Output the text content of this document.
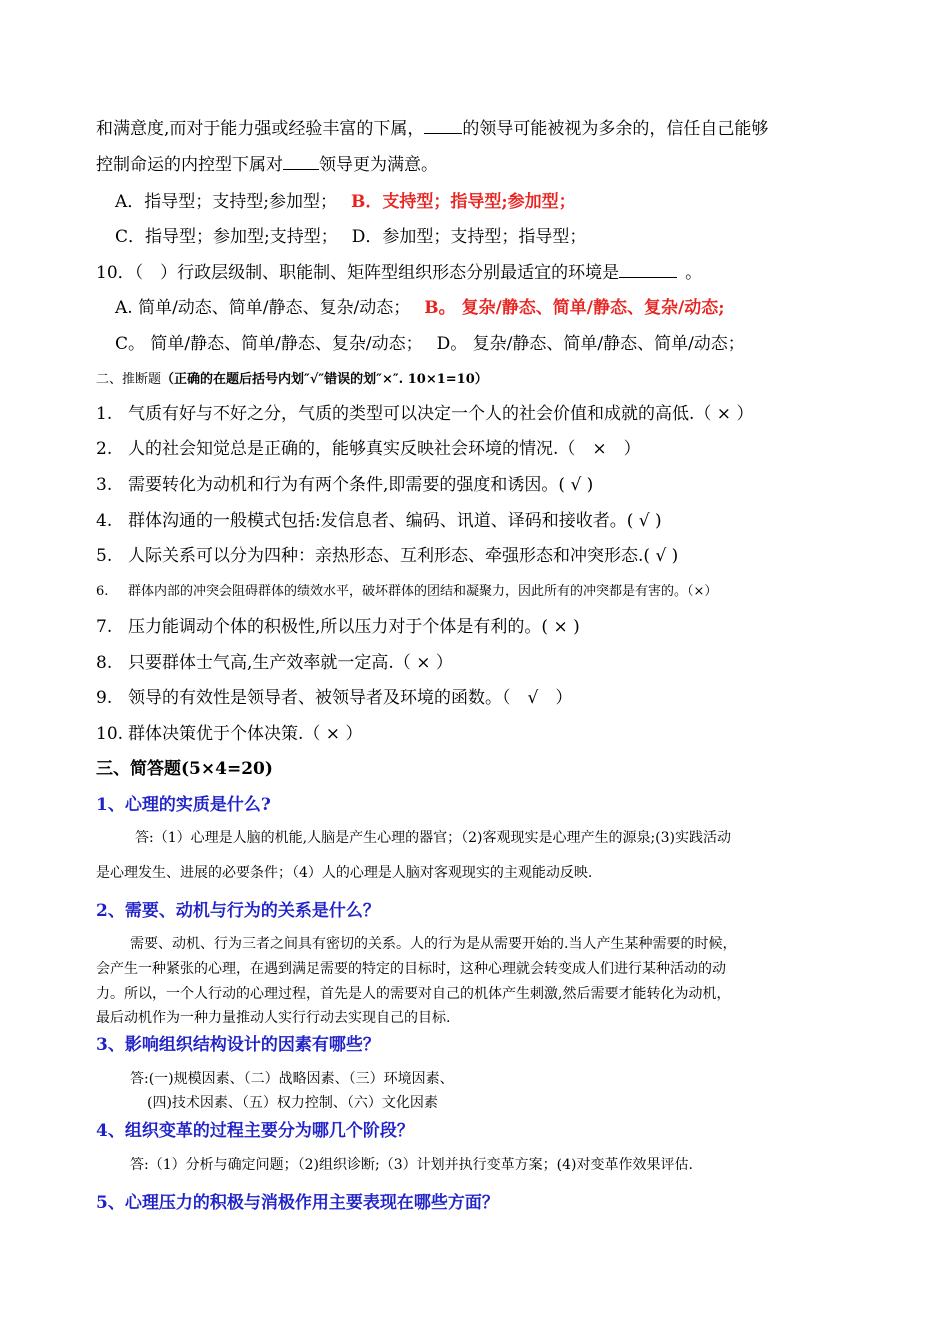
和满意度,而对于能力强或经验丰富的下属， 的领导可能被视为多余的，信任自己能够
控制命运的内控型下属对 领导更为满意。
A．指导型；支持型;参加型； B．支持型；指导型;参加型；
C．指导型；参加型;支持型； D．参加型；支持型；指导型；
10．（　）行政层级制、职能制、矩阵型组织形态分别最适宜的环境是	。
A. 简单/动态、简单/静态、复杂/动态； B。 复杂/静态、简单/静态、复杂/动态;
C。 简单/静态、简单/静态、复杂/动态； D。 复杂/静态、简单/静态、简单/动态；
二、推断题（正确的在题后括号内划″√″错误的划″×″. 10×1=10）
1. 气质有好与不好之分，气质的类型可以决定一个人的社会价值和成就的高低.（ × ）
2. 人的社会知觉总是正确的，能够真实反映社会环境的情况.（　×　）
3. 需要转化为动机和行为有两个条件,即需要的强度和诱因。( √ )
4. 群体沟通的一般模式包括:发信息者、编码、讯道、译码和接收者。( √ )
5. 人际关系可以分为四种：亲热形态、互利形态、牵强形态和冲突形态.( √ )
6. 群体内部的冲突会阻碍群体的绩效水平，破坏群体的团结和凝聚力，因此所有的冲突都是有害的。（×）
7. 压力能调动个体的积极性,所以压力对于个体是有利的。( × )
8. 只要群体士气高,生产效率就一定高.（ × ）
9. 领导的有效性是领导者、被领导者及环境的函数。（　√　）
10. 群体决策优于个体决策.（ × ）
三、简答题(5×4=20)
1、心理的实质是什么?
答:（1）心理是人脑的机能,人脑是产生心理的器官；（2)客观现实是心理产生的源泉;(3)实践活动
是心理发生、进展的必要条件；（4）人的心理是人脑对客观现实的主观能动反映.
2、需要、动机与行为的关系是什么？
需要、动机、行为三者之间具有密切的关系。人的行为是从需要开始的.当人产生某种需要的时候，
会产生一种紧张的心理，在遇到满足需要的特定的目标时，这种心理就会转变成人们进行某种活动的动
力。所以，一个人行动的心理过程，首先是人的需要对自己的机体产生刺激,然后需要才能转化为动机，
最后动机作为一种力量推动人实行行动去实现自己的目标.
3、影响组织结构设计的因素有哪些？
答:(一)规模因素、（二）战略因素、（三）环境因素、
(四)技术因素、（五）权力控制、（六）文化因素
4、组织变革的过程主要分为哪几个阶段？
答:（1）分析与确定问题；（2)组织诊断;（3）计划并执行变革方案；(4)对变革作效果评估.
5、心理压力的积极与消极作用主要表现在哪些方面？
